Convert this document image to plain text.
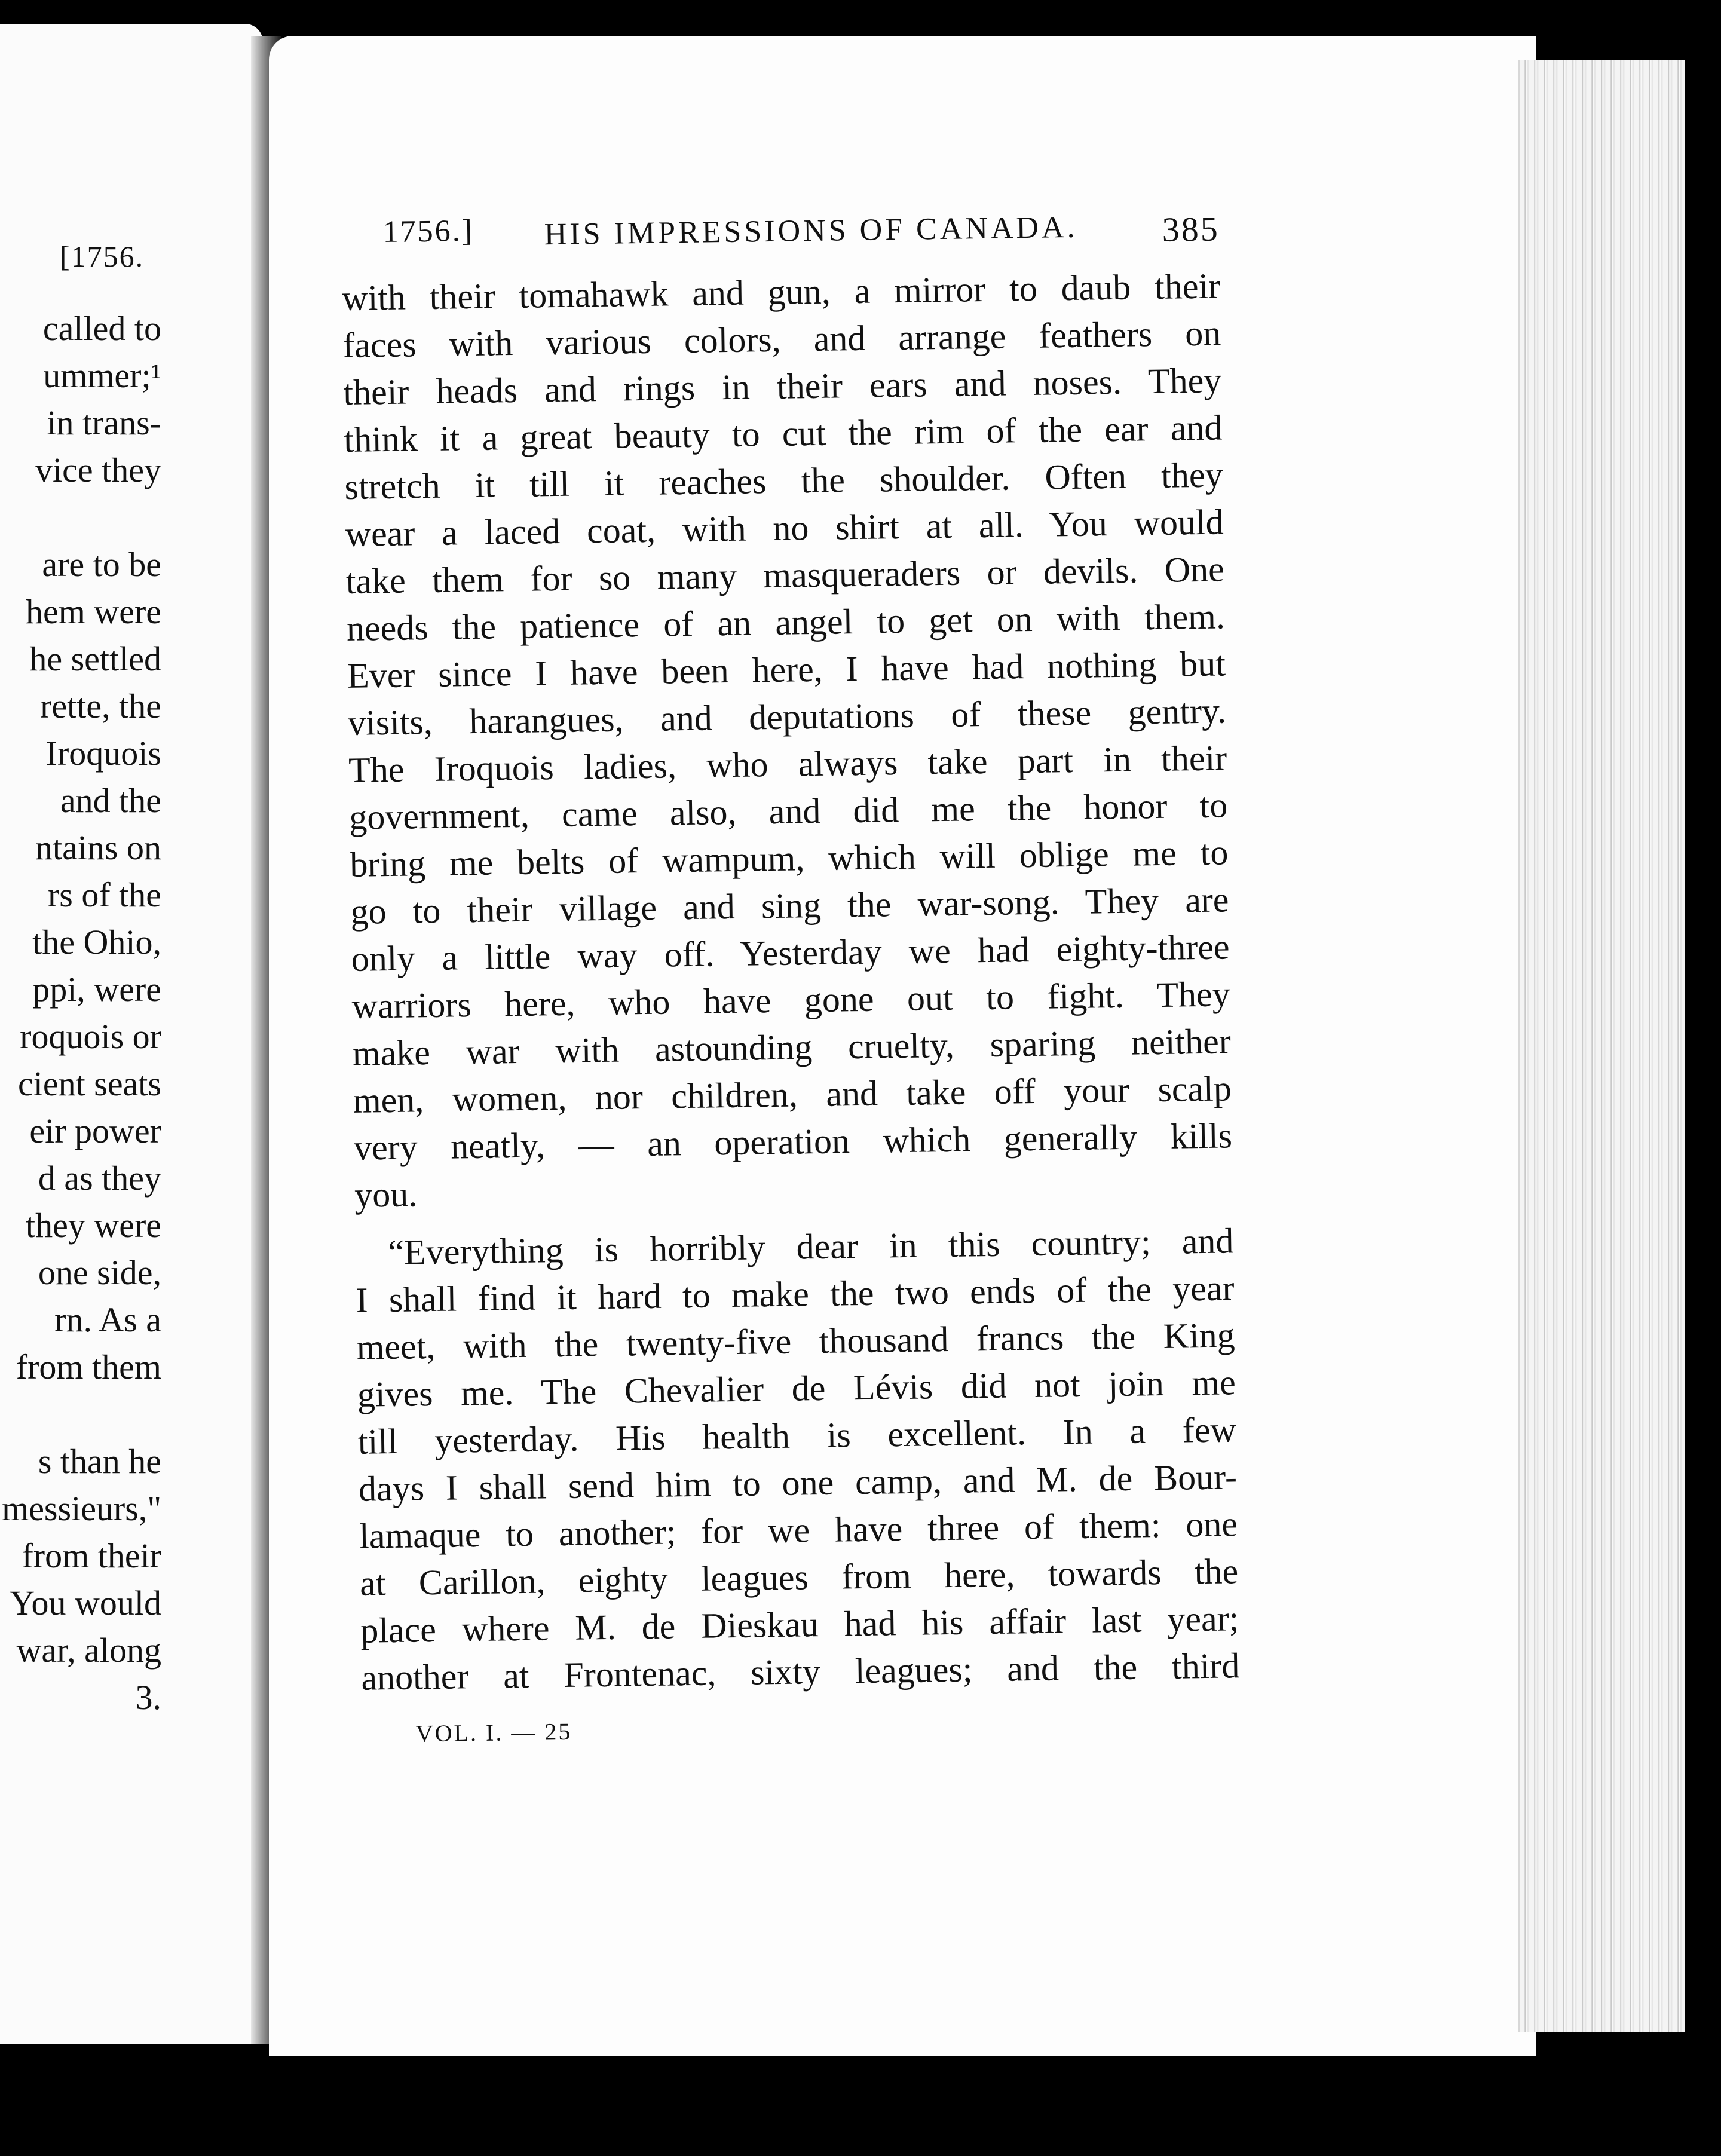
[1756.
called to
ummer;¹
in trans-
vice they
are to be
hem were
he settled
rette, the
Iroquois
and the
ntains on
rs of the
the Ohio,
ppi, were
roquois or
cient seats
eir power
d as they
they were
one side,
rn. As a
from them
s than he
messieurs,"
from their
You would
war, along
3.
1756.] HIS IMPRESSIONS OF CANADA. 385
with their tomahawk and gun, a mirror to daub their
faces with various colors, and arrange feathers on
their heads and rings in their ears and noses. They
think it a great beauty to cut the rim of the ear and
stretch it till it reaches the shoulder. Often they
wear a laced coat, with no shirt at all. You would
take them for so many masqueraders or devils. One
needs the patience of an angel to get on with them.
Ever since I have been here, I have had nothing but
visits, harangues, and deputations of these gentry.
The Iroquois ladies, who always take part in their
government, came also, and did me the honor to
bring me belts of wampum, which will oblige me to
go to their village and sing the war-song. They are
only a little way off. Yesterday we had eighty-three
warriors here, who have gone out to fight. They
make war with astounding cruelty, sparing neither
men, women, nor children, and take off your scalp
very neatly, — an operation which generally kills
you.
“Everything is horribly dear in this country; and
I shall find it hard to make the two ends of the year
meet, with the twenty-five thousand francs the King
gives me. The Chevalier de Lévis did not join me
till yesterday. His health is excellent. In a few
days I shall send him to one camp, and M. de Bour-
lamaque to another; for we have three of them: one
at Carillon, eighty leagues from here, towards the
place where M. de Dieskau had his affair last year;
another at Frontenac, sixty leagues; and the third
VOL. I. — 25
